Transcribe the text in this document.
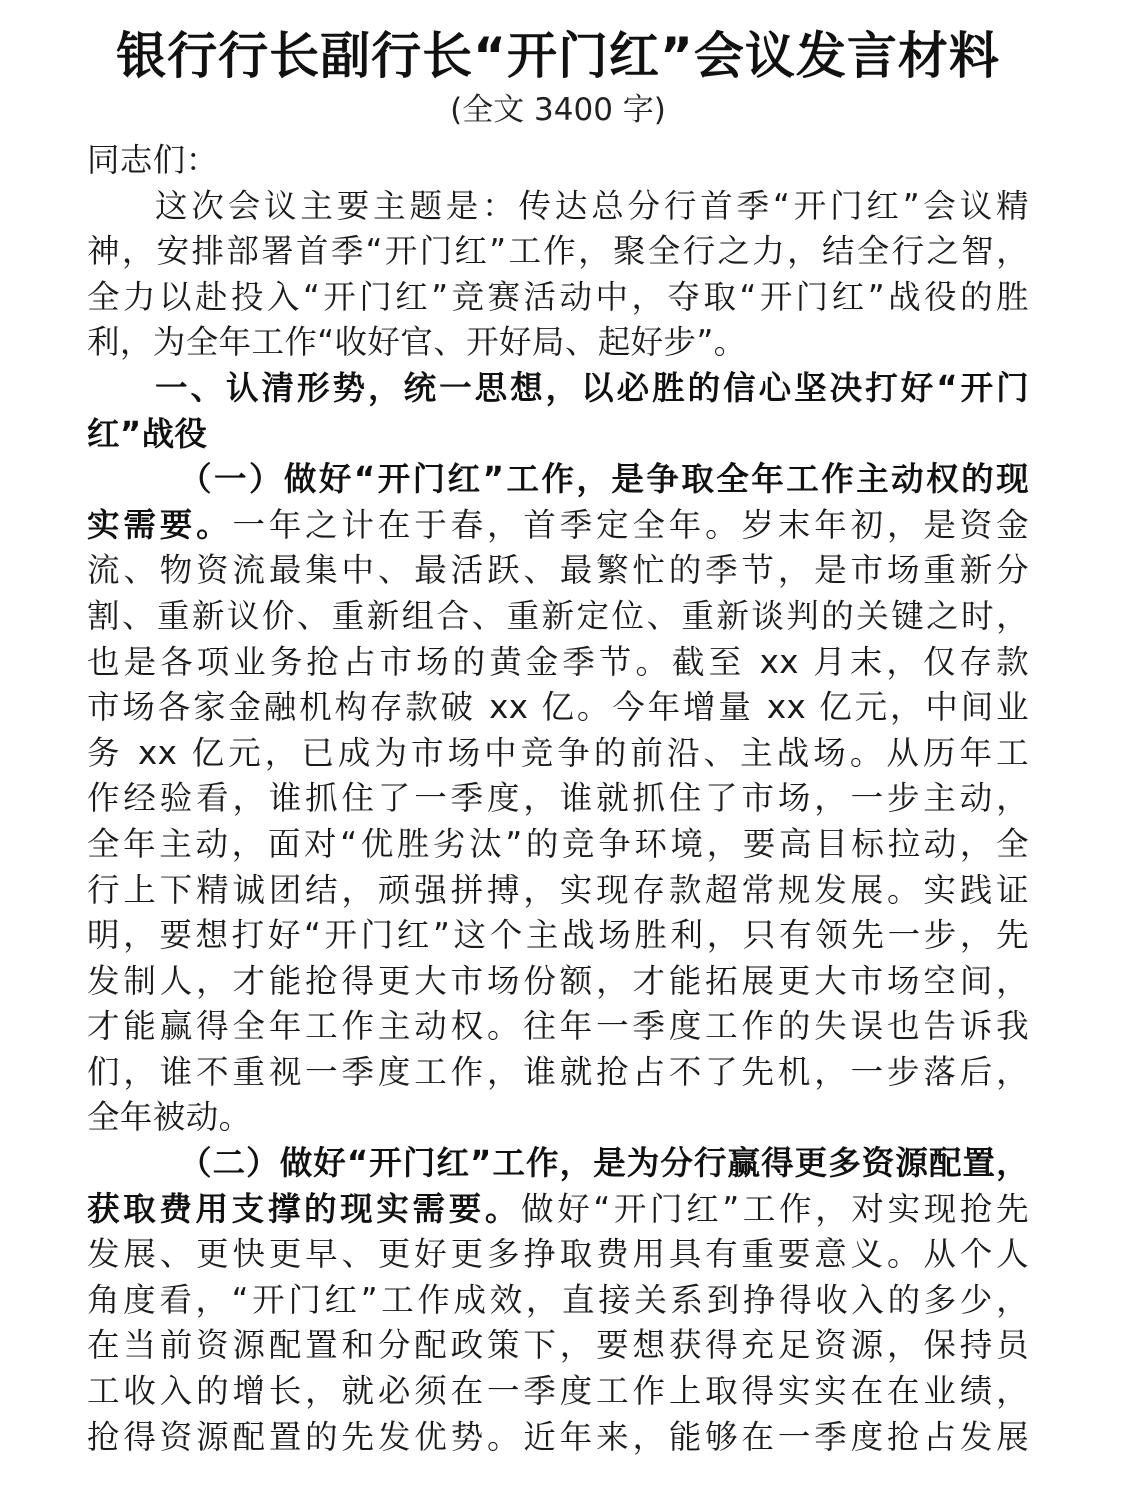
银行行长副行长“开门红”会议发言材料
(全文 3400 字)
同志们：
这次会议主要主题是：传达总分行首季“开门红”会议精
神，安排部署首季“开门红”工作，聚全行之力，结全行之智，
全力以赴投入“开门红”竞赛活动中，夺取“开门红”战役的胜
利，为全年工作“收好官、开好局、起好步”。
一、认清形势，统一思想，以必胜的信心坚决打好“开门
红”战役
（一）做好“开门红”工作，是争取全年工作主动权的现
实需要。一年之计在于春，首季定全年。岁末年初，是资金
流、物资流最集中、最活跃、最繁忙的季节，是市场重新分
割、重新议价、重新组合、重新定位、重新谈判的关键之时，
也是各项业务抢占市场的黄金季节。截至 xx 月末，仅存款
市场各家金融机构存款破 xx 亿。今年增量 xx 亿元，中间业
务 xx 亿元，已成为市场中竞争的前沿、主战场。从历年工
作经验看，谁抓住了一季度，谁就抓住了市场，一步主动，
全年主动，面对“优胜劣汰”的竞争环境，要高目标拉动，全
行上下精诚团结，顽强拼搏，实现存款超常规发展。实践证
明，要想打好“开门红”这个主战场胜利，只有领先一步，先
发制人，才能抢得更大市场份额，才能拓展更大市场空间，
才能赢得全年工作主动权。往年一季度工作的失误也告诉我
们，谁不重视一季度工作，谁就抢占不了先机，一步落后，
全年被动。
（二）做好“开门红”工作，是为分行赢得更多资源配置，
获取费用支撑的现实需要。做好“开门红”工作，对实现抢先
发展、更快更早、更好更多挣取费用具有重要意义。从个人
角度看，“开门红”工作成效，直接关系到挣得收入的多少，
在当前资源配置和分配政策下，要想获得充足资源，保持员
工收入的增长，就必须在一季度工作上取得实实在在业绩，
抢得资源配置的先发优势。近年来，能够在一季度抢占发展
